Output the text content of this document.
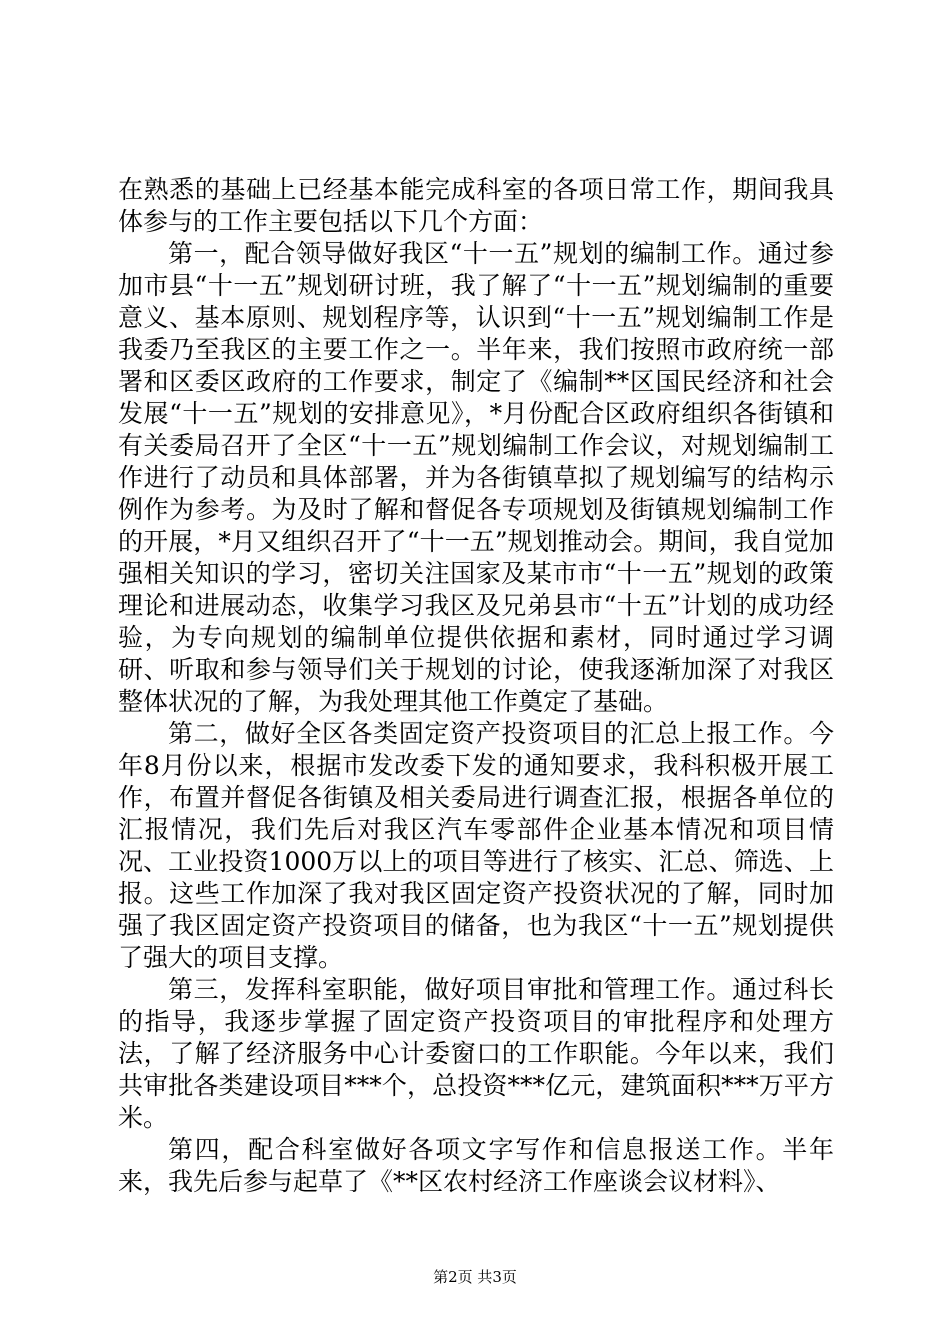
在熟悉的基础上已经基本能完成科室的各项日常工作，期间我具体参与的工作主要包括以下几个方面：

第一，配合领导做好我区“十一五”规划的编制工作。通过参加市县“十一五”规划研讨班，我了解了“十一五”规划编制的重要意义、基本原则、规划程序等，认识到“十一五”规划编制工作是我委乃至我区的主要工作之一。半年来，我们按照市政府统一部署和区委区政府的工作要求，制定了《编制**区国民经济和社会发展“十一五”规划的安排意见》，*月份配合区政府组织各街镇和有关委局召开了全区“十一五”规划编制工作会议，对规划编制工作进行了动员和具体部署，并为各街镇草拟了规划编写的结构示例作为参考。为及时了解和督促各专项规划及街镇规划编制工作的开展，*月又组织召开了“十一五”规划推动会。期间，我自觉加强相关知识的学习，密切关注国家及某市市“十一五”规划的政策理论和进展动态，收集学习我区及兄弟县市“十五”计划的成功经验，为专向规划的编制单位提供依据和素材，同时通过学习调研、听取和参与领导们关于规划的讨论，使我逐渐加深了对我区整体状况的了解，为我处理其他工作奠定了基础。

第二，做好全区各类固定资产投资项目的汇总上报工作。今年8月份以来，根据市发改委下发的通知要求，我科积极开展工作，布置并督促各街镇及相关委局进行调查汇报，根据各单位的汇报情况，我们先后对我区汽车零部件企业基本情况和项目情况、工业投资1000万以上的项目等进行了核实、汇总、筛选、上报。这些工作加深了我对我区固定资产投资状况的了解，同时加强了我区固定资产投资项目的储备，也为我区“十一五”规划提供了强大的项目支撑。

第三，发挥科室职能，做好项目审批和管理工作。通过科长的指导，我逐步掌握了固定资产投资项目的审批程序和处理方法，了解了经济服务中心计委窗口的工作职能。今年以来，我们共审批各类建设项目***个，总投资***亿元，建筑面积***万平方米。

第四，配合科室做好各项文字写作和信息报送工作。半年来，我先后参与起草了《**区农村经济工作座谈会议材料》、

第2页 共3页
